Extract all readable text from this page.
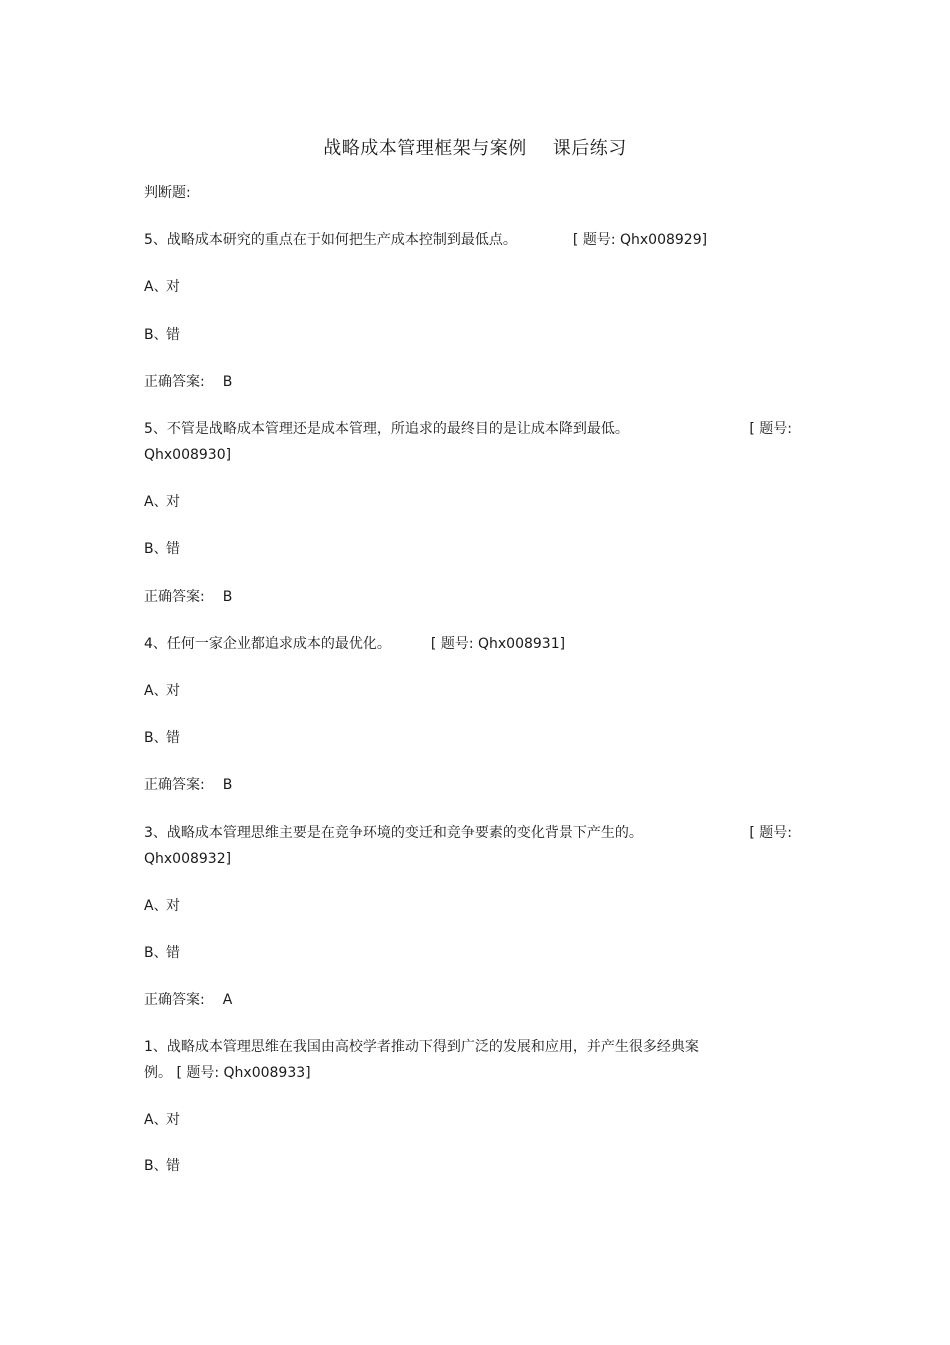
战略成本管理框架与案例 课后练习
判断题:
5、战略成本研究的重点在于如何把生产成本控制到最低点。	[ 题号: Qhx008929]
A、对
B、错
正确答案: B
5、不管是战略成本管理还是成本管理，所追求的最终目的是让成本降到最低。	[ 题号:
Qhx008930]
A、对
B、错
正确答案: B
4、任何一家企业都追求成本的最优化。	[ 题号: Qhx008931]
A、对
B、错
正确答案: B
3、战略成本管理思维主要是在竞争环境的变迁和竞争要素的变化背景下产生的。	[ 题号:
Qhx008932]
A、对
B、错
正确答案: A
1、战略成本管理思维在我国由高校学者推动下得到广泛的发展和应用，并产生很多经典案
例。 [ 题号: Qhx008933]
A、对
B、错
